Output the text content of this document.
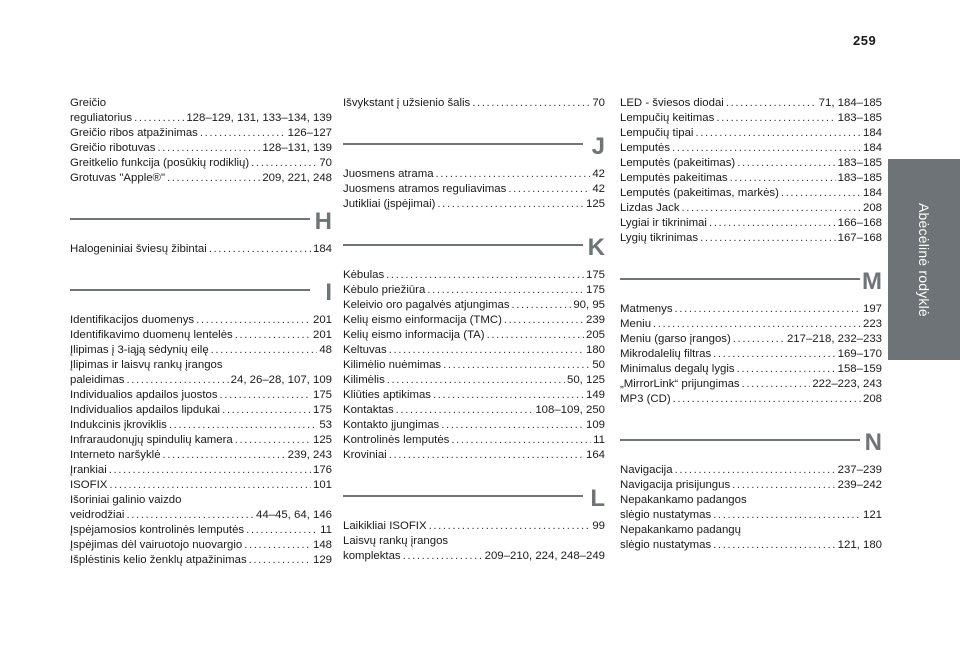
259
Abėcėlinė rodyklė
Greičio
reguliatorius .....	128–129, 131, 133–134, 139
Greičio ribos atpažinimas .....	126–127
Greičio ribotuvas .....	128–131, 139
Greitkelio funkcija (posūkių rodiklių) .....	70
Grotuvas "Apple®" .....	209, 221, 248
H
Halogeniniai šviesų žibintai .....	184
I
Identifikacijos duomenys .....	201
Identifikavimo duomenų lentelės .....	201
Įlipimas į 3-iąją sėdynių eilę .....	48
Įlipimas ir laisvų rankų įrangos
paleidimas .....	24, 26–28, 107, 109
Individualios apdailos juostos .....	175
Individualios apdailos lipdukai .....	175
Indukcinis įkroviklis .....	53
Infraraudonųjų spindulių kamera .....	125
Interneto naršyklė .....	239, 243
Įrankiai .....	176
ISOFIX .....	101
Išoriniai galinio vaizdo
veidrodžiai .....	44–45, 64, 146
Įspėjamosios kontrolinės lemputės .....	11
Įspėjimas dėl vairuotojo nuovargio .....	148
Išplėstinis kelio ženklų atpažinimas .....	129
Išvykstant į užsienio šalis .....	70
J
Juosmens atrama .....	42
Juosmens atramos reguliavimas .....	42
Jutikliai (įspėjimai) .....	125
K
Kėbulas .....	175
Kėbulo priežiūra .....	175
Keleivio oro pagalvės atjungimas .....	90, 95
Kelių eismo einformacija (TMC) .....	239
Kelių eismo informacija (TA) .....	205
Keltuvas .....	180
Kilimėlio nuėmimas .....	50
Kilimėlis .....	50, 125
Kliūties aptikimas .....	149
Kontaktas .....	108–109, 250
Kontakto įjungimas .....	109
Kontrolinės lemputės .....	11
Kroviniai .....	164
L
Laikikliai ISOFIX .....	99
Laisvų rankų įrangos
komplektas .....	209–210, 224, 248–249
LED - šviesos diodai .....	71, 184–185
Lempučių keitimas .....	183–185
Lempučių tipai .....	184
Lemputės .....	184
Lemputės (pakeitimas) .....	183–185
Lemputės pakeitimas .....	183–185
Lemputės (pakeitimas, markės) .....	184
Lizdas Jack .....	208
Lygiai ir tikrinimai .....	166–168
Lygių tikrinimas .....	167–168
M
Matmenys .....	197
Meniu .....	223
Meniu (garso įrangos) .....	217–218, 232–233
Mikrodalelių filtras .....	169–170
Minimalus degalų lygis .....	158–159
„MirrorLink“ prijungimas .....	222–223, 243
MP3 (CD) .....	208
N
Navigacija .....	237–239
Navigacija prisijungus .....	239–242
Nepakankamo padangos
slėgio nustatymas .....	121
Nepakankamo padangų
slėgio nustatymas .....	121, 180
